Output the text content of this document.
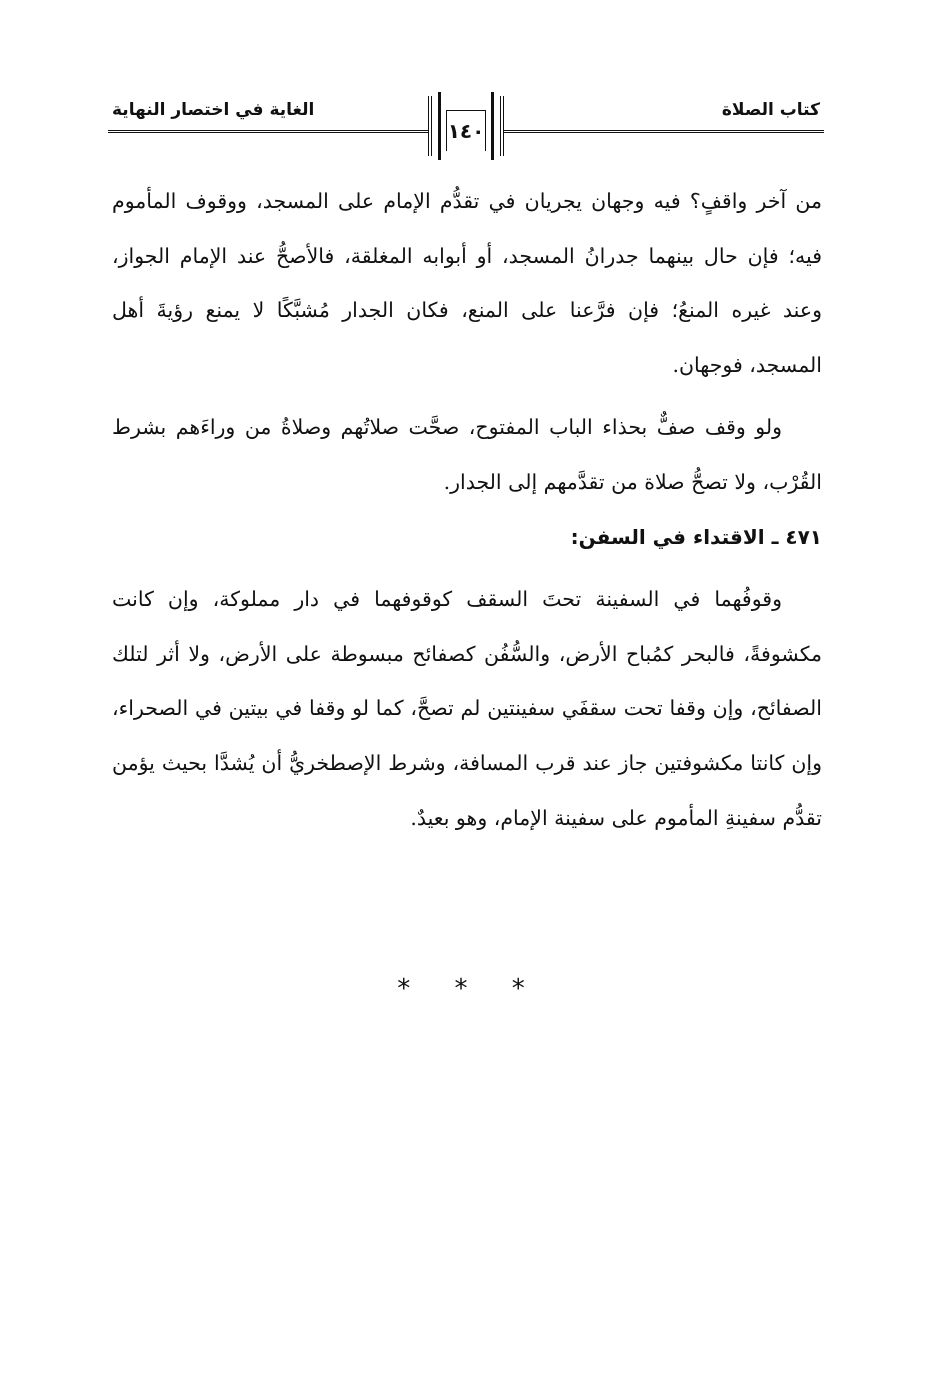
كتاب الصلاة
الغاية في اختصار النهاية
١٤٠

من آخر واقفٍ؟ فيه وجهان يجريان في تقدُّم الإمام على المسجد، ووقوف المأموم فيه؛ فإن حال بينهما جدرانُ المسجد، أو أبوابه المغلقة، فالأصحُّ عند الإمام الجواز، وعند غيره المنعُ؛ فإن فرَّعنا على المنع، فكان الجدار مُشبَّكًا لا يمنع رؤيةَ أهل المسجد، فوجهان.

ولو وقف صفٌّ بحذاء الباب المفتوح، صحَّت صلاتُهم وصلاةُ من وراءَهم بشرط القُرْب، ولا تصحُّ صلاة من تقدَّمهم إلى الجدار.

٤٧١ ـ الاقتداء في السفن:

وقوفُهما في السفينة تحتَ السقف كوقوفهما في دار مملوكة، وإن كانت مكشوفةً، فالبحر كمُباح الأرض، والسُّفُن كصفائح مبسوطة على الأرض، ولا أثر لتلك الصفائح، وإن وقفا تحت سقفَي سفينتين لم تصحَّ، كما لو وقفا في بيتين في الصحراء، وإن كانتا مكشوفتين جاز عند قرب المسافة، وشرط الإصطخريُّ أن يُشدَّا بحيث يؤمن تقدُّم سفينةِ المأموم على سفينة الإمام، وهو بعيدٌ.

* * *
